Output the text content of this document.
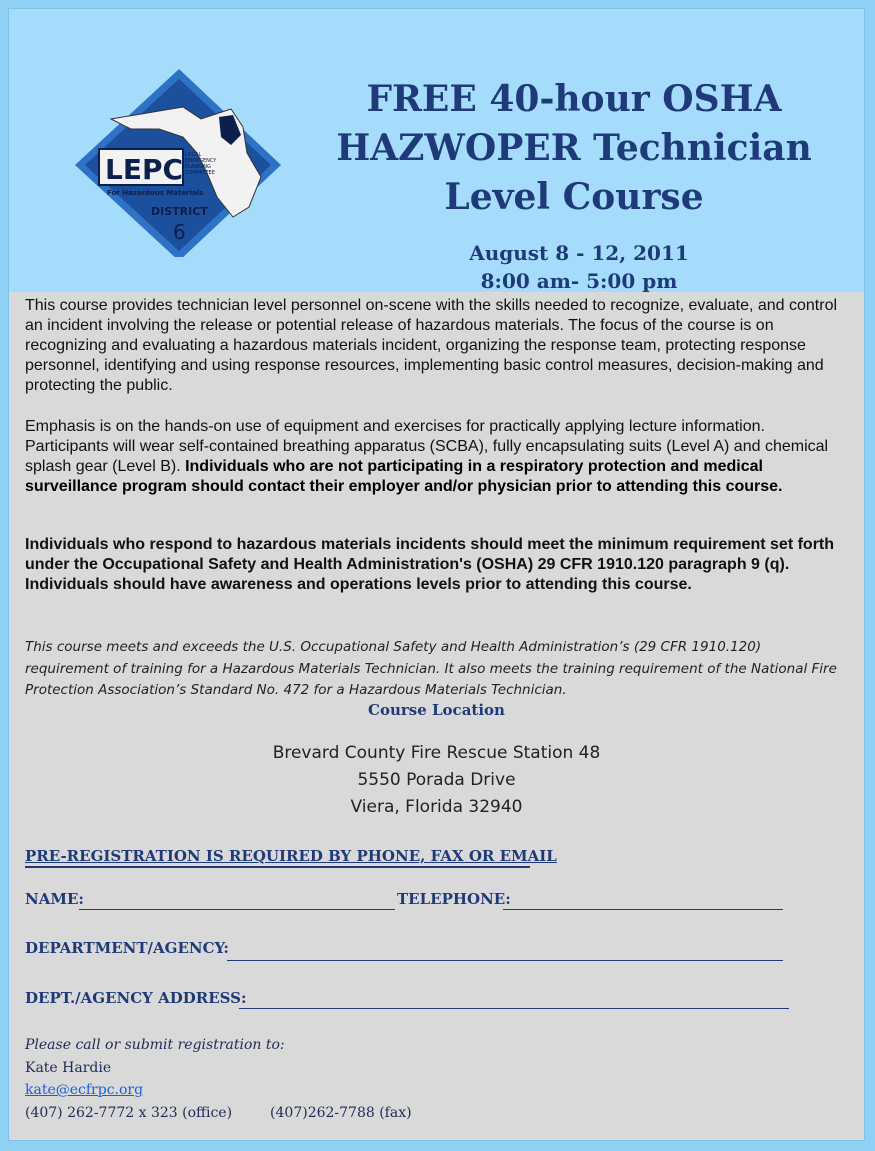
LEPC LOCAL
EMERGENCY
PLANNING
COMMITTEE
For Hazardous Materials
DISTRICT
6
FREE 40-hour OSHA
HAZWOPER Technician
Level Course
August 8 - 12, 2011
8:00 am- 5:00 pm
This course provides technician level personnel on-scene with the skills needed to recognize, evaluate, and control an incident involving the release or potential release of hazardous materials. The focus of the course is on recognizing and evaluating a hazardous materials incident, organizing the response team, protecting response personnel, identifying and using response resources, implementing basic control measures, decision-making and protecting the public.
Emphasis is on the hands-on use of equipment and exercises for practically applying lecture information. Participants will wear self-contained breathing apparatus (SCBA), fully encapsulating suits (Level A) and chemical splash gear (Level B). Individuals who are not participating in a respiratory protection and medical surveillance program should contact their employer and/or physician prior to attending this course.
Individuals who respond to hazardous materials incidents should meet the minimum requirement set forth under the Occupational Safety and Health Administration's (OSHA) 29 CFR 1910.120 paragraph 9 (q). Individuals should have awareness and operations levels prior to attending this course.
This course meets and exceeds the U.S. Occupational Safety and Health Administration’s (29 CFR 1910.120) requirement of training for a Hazardous Materials Technician. It also meets the training requirement of the National Fire Protection Association’s Standard No. 472 for a Hazardous Materials Technician.
Course Location
Brevard County Fire Rescue Station 48
5550 Porada Drive
Viera, Florida 32940
PRE-REGISTRATION IS REQUIRED BY PHONE, FAX OR EMAIL
NAME:	TELEPHONE:
DEPARTMENT/AGENCY:
DEPT./AGENCY ADDRESS:
Please call or submit registration to:
Kate Hardie
kate@ecfrpc.org
(407) 262-7772 x 323 (office)	(407)262-7788 (fax)
